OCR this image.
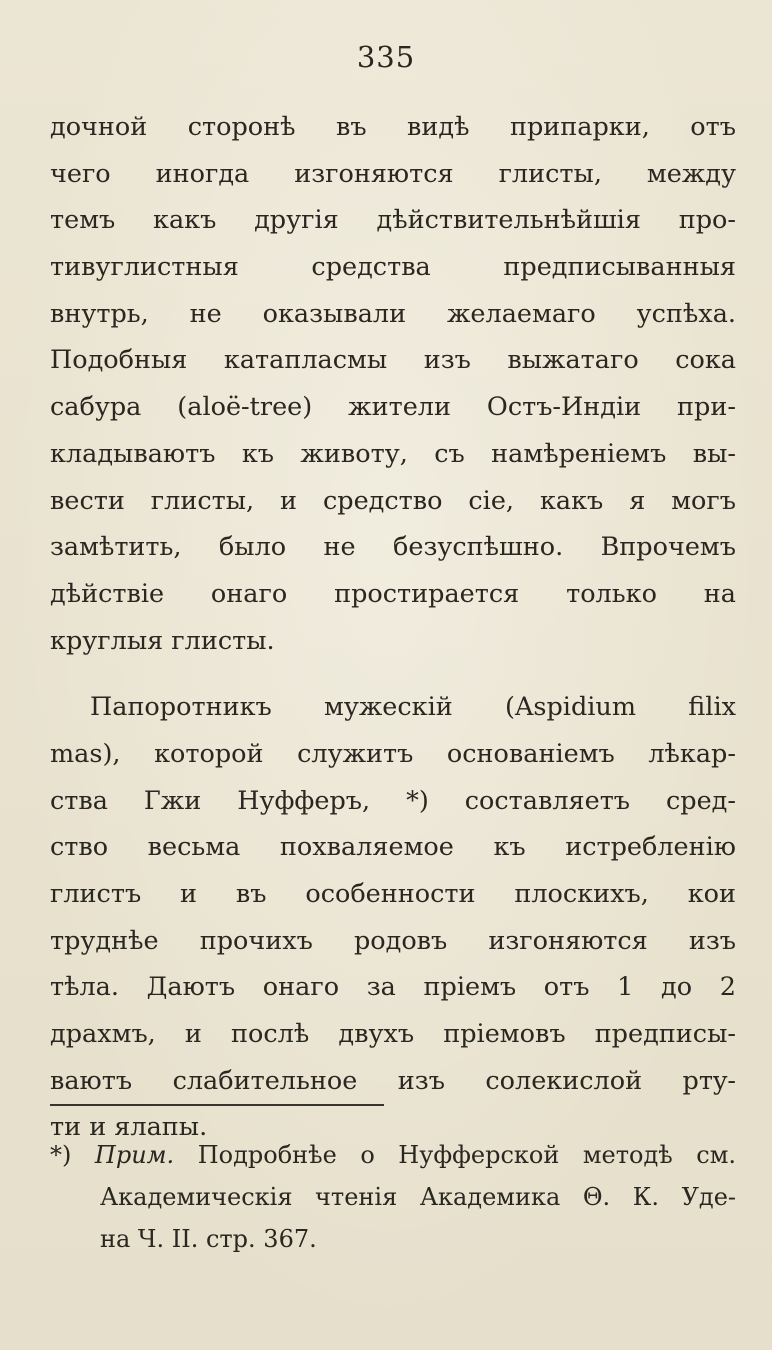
335
дочной сторонѣ въ видѣ припарки, отъ
чего иногда изгоняются глисты, между
темъ какъ другія дѣйствительнѣйшія про-
тивуглистныя средства предписыванныя
внутрь, не оказывали желаемаго успѣха.
Подобныя катапласмы изъ выжатаго сока
сабура (aloë-tree) жители Остъ-Индіи при-
кладываютъ къ животу, съ намѣреніемъ вы-
вести глисты, и средство сіе, какъ я могъ
замѣтить, было не безуспѣшно. Впрочемъ
дѣйствіе онаго простирается только на
круглыя глисты.
Папоротникъ мужескій (Aspidium filix
mas), которой служитъ основаніемъ лѣкар-
ства Гжи Нуфферъ, *) составляетъ сред-
ство весьма похваляемое къ истребленію
глистъ и въ особенности плоскихъ, кои
труднѣе прочихъ родовъ изгоняются изъ
тѣла. Даютъ онаго за пріемъ отъ 1 до 2
драхмъ, и послѣ двухъ пріемовъ предписы-
ваютъ слабительное изъ солекислой ртy-
ти и ялапы.
*) Прим. Подробнѣе о Нуфферской методѣ см.
Академическія чтенія Академика Θ. К. Уде-
на Ч. II. стр. 367.
